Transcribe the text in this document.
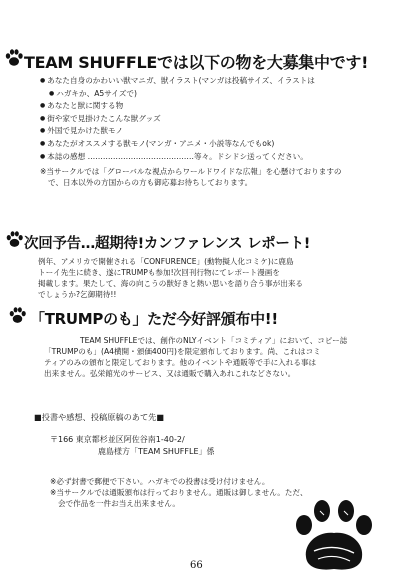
TEAM SHUFFLEでは以下の物を大募集中です!
● あなた自身のかわいい獣マニガ、獣イラスト(マンガは投稿サイズ、イラストは
● ハガキか、A5サイズで)
● あなたと獣に関する物
● 街や家で見掛けたこんな獣グッズ
● 外国で見かけた獣モノ
● あなたがオススメする獣モノ(マンガ・アニメ・小説等なんでもok)
● 本誌の感想 ……………………………………等々。ドシドシ送ってください。
※当サークルでは「グローバルな視点からワールドワイドな広報」を心懸けておりますの
で、日本以外の方国からの方も御応募お待ちしております。
次回予告…超期待!カンファレンス レポート!
例年、アメリカで開催される「CONFURENCE」(動物擬人化コミケ)に鹿島
トーイ先生に続き、遂にTRUMPも参加!次回刊行物にてレポート漫画を
掲載します。果たして、海の向こうの獣好きと熱い思いを語り合う事が出来る
でしょうか?乞御期待!!
「TRUMPのも」ただ今好評頒布中!!
TEAM SHUFFLEでは、創作のNLYイベント「コミティア」において、コピー誌
「TRUMPのも」(A4横開・頒価400円)を限定頒布しております。尚、これはコミ
ティアのみの頒布と限定しております。他のイベントや通販等で手に入れる事は
出来ません。弘栄館光のサービス、又は通販で購入あれこれなどさない。
■投書や感想、投稿原稿のあて先■
〒166 東京都杉並区阿佐谷南1-40-2/
鹿島様方「TEAM SHUFFLE」係
※必ず封書で郵便で下さい。ハガキでの投書は受け付けません。
※当サークルでは通販頒布は行っておりません。通販は御しません。ただ、
会で作品を一件お当え出来ません。
66
